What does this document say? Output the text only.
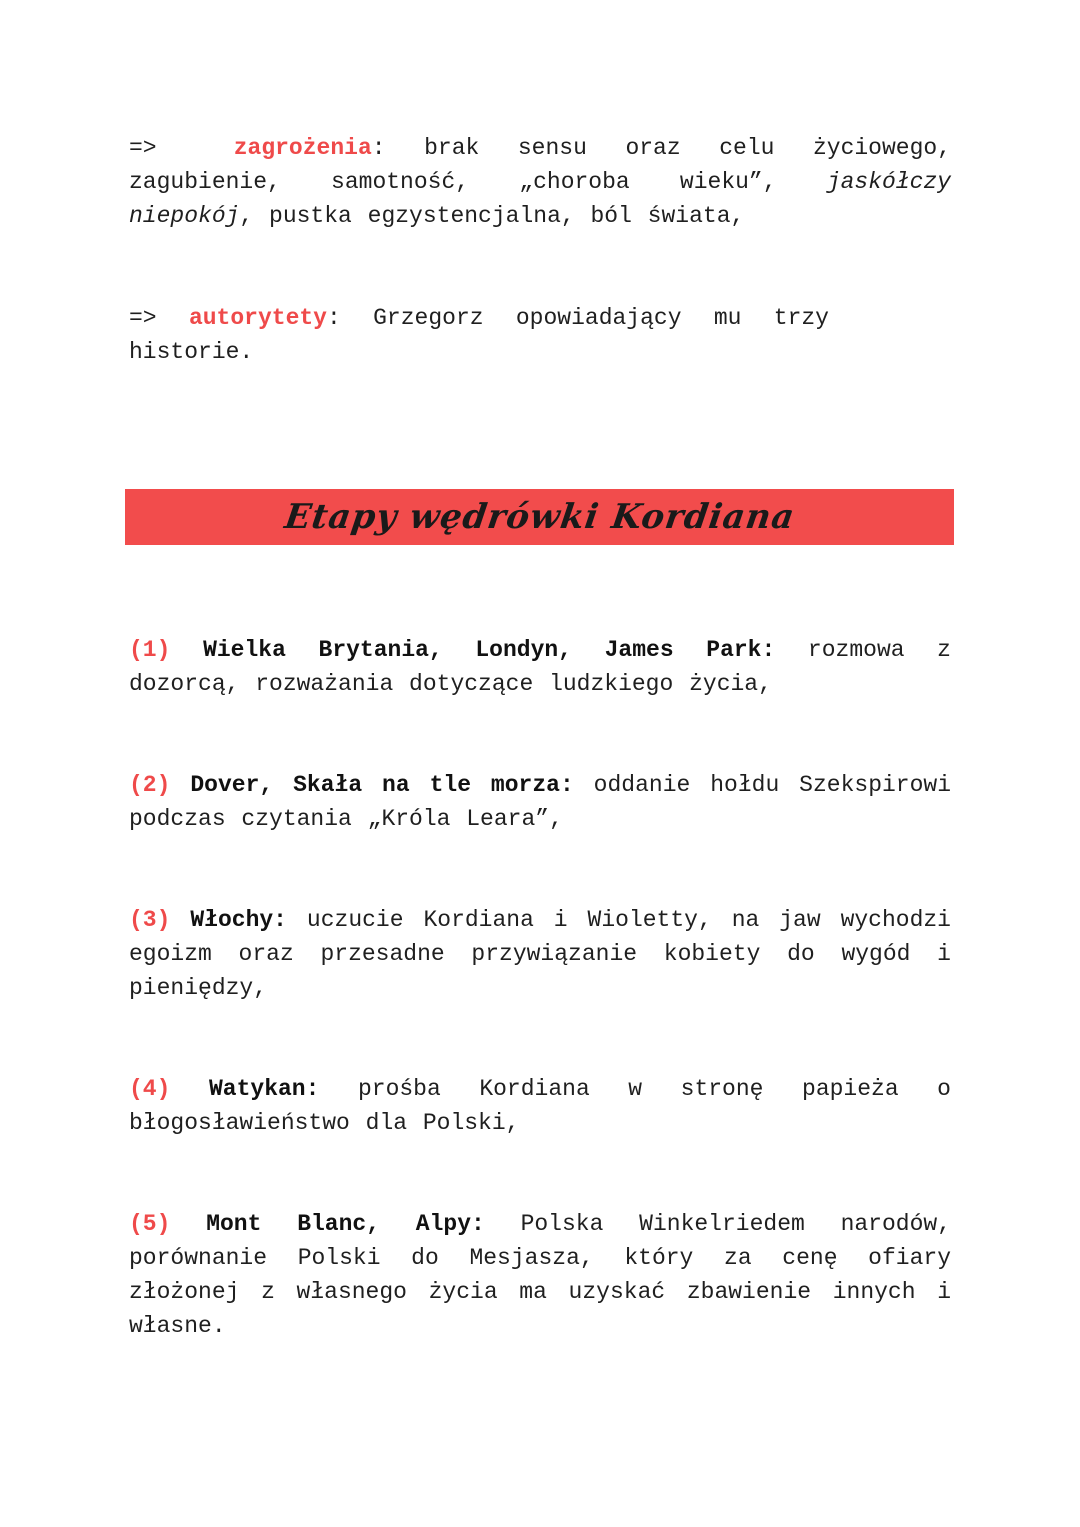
=>	zagrożenia: brak sensu oraz celu życiowego, zagubienie, samotność, „choroba wieku”, jaskółczy niepokój, pustka egzystencjalna, ból świata,

=> autorytety: Grzegorz opowiadający mu trzy historie.

Etapy wędrówki Kordiana

(1) Wielka Brytania, Londyn, James Park: rozmowa z dozorcą, rozważania dotyczące ludzkiego życia,

(2) Dover, Skała na tle morza: oddanie hołdu Szekspirowi podczas czytania „Króla Leara”,

(3) Włochy: uczucie Kordiana i Wioletty, na jaw wychodzi egoizm oraz przesadne przywiązanie kobiety do wygód i pieniędzy,

(4) Watykan: prośba Kordiana w stronę papieża o błogosławieństwo dla Polski,

(5) Mont Blanc, Alpy: Polska Winkelriedem narodów, porównanie Polski do Mesjasza, który za cenę ofiary złożonej z własnego życia ma uzyskać zbawienie innych i własne.
